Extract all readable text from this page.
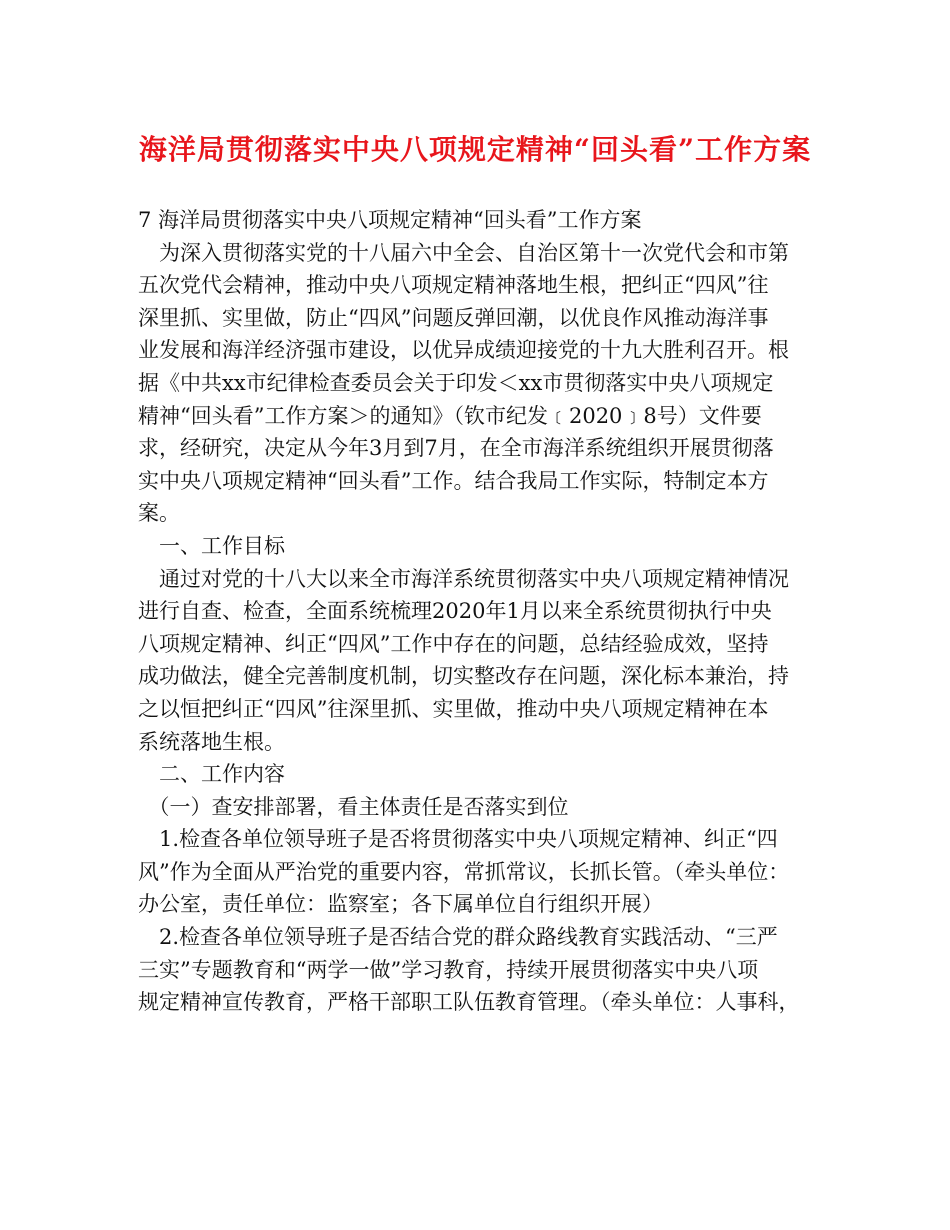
海洋局贯彻落实中央八项规定精神“回头看”工作方案
7 海洋局贯彻落实中央八项规定精神“回头看”工作方案
　为深入贯彻落实党的十八届六中全会、自治区第十一次党代会和市第
五次党代会精神，推动中央八项规定精神落地生根，把纠正“四风”往
深里抓、实里做，防止“四风”问题反弹回潮，以优良作风推动海洋事
业发展和海洋经济强市建设，以优异成绩迎接党的十九大胜利召开。根
据《中共xx市纪律检查委员会关于印发＜xx市贯彻落实中央八项规定
精神“回头看”工作方案＞的通知》（钦市纪发﹝2020﹞8号）文件要
求，经研究，决定从今年3月到7月，在全市海洋系统组织开展贯彻落
实中央八项规定精神“回头看”工作。结合我局工作实际，特制定本方
案。
　一、工作目标
　通过对党的十八大以来全市海洋系统贯彻落实中央八项规定精神情况
进行自查、检查，全面系统梳理2020年1月以来全系统贯彻执行中央
八项规定精神、纠正“四风”工作中存在的问题，总结经验成效，坚持
成功做法，健全完善制度机制，切实整改存在问题，深化标本兼治，持
之以恒把纠正“四风”往深里抓、实里做，推动中央八项规定精神在本
系统落地生根。
　二、工作内容
　（一）查安排部署，看主体责任是否落实到位
　1.检查各单位领导班子是否将贯彻落实中央八项规定精神、纠正“四
风”作为全面从严治党的重要内容，常抓常议，长抓长管。（牵头单位：
办公室，责任单位：监察室；各下属单位自行组织开展）
　2.检查各单位领导班子是否结合党的群众路线教育实践活动、“三严
三实”专题教育和“两学一做”学习教育，持续开展贯彻落实中央八项
规定精神宣传教育，严格干部职工队伍教育管理。（牵头单位：人事科，
